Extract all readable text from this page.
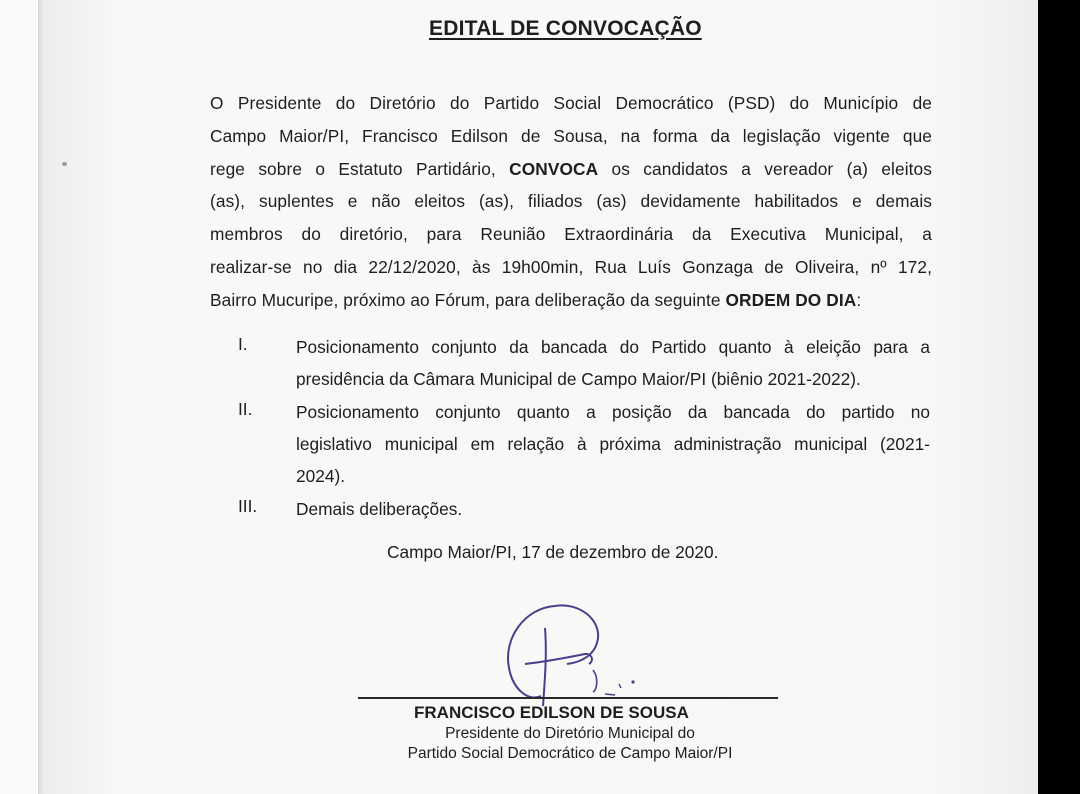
EDITAL DE CONVOCAÇÃO
O Presidente do Diretório do Partido Social Democrático (PSD) do Município de
Campo Maior/PI, Francisco Edilson de Sousa, na forma da legislação vigente que
rege sobre o Estatuto Partidário, CONVOCA os candidatos a vereador (a) eleitos
(as), suplentes e não eleitos (as), filiados (as) devidamente habilitados e demais
membros do diretório, para Reunião Extraordinária da Executiva Municipal, a
realizar-se no dia 22/12/2020, às 19h00min, Rua Luís Gonzaga de Oliveira, nº 172,
Bairro Mucuripe, próximo ao Fórum, para deliberação da seguinte ORDEM DO DIA:
I.	Posicionamento conjunto da bancada do Partido quanto à eleição para a
presidência da Câmara Municipal de Campo Maior/PI (biênio 2021-2022).
II.	Posicionamento conjunto quanto a posição da bancada do partido no
legislativo municipal em relação à próxima administração municipal (2021-
2024).
III. Demais deliberações.
Campo Maior/PI, 17 de dezembro de 2020.
FRANCISCO EDILSON DE SOUSA
Presidente do Diretório Municipal do
Partido Social Democrático de Campo Maior/PI
